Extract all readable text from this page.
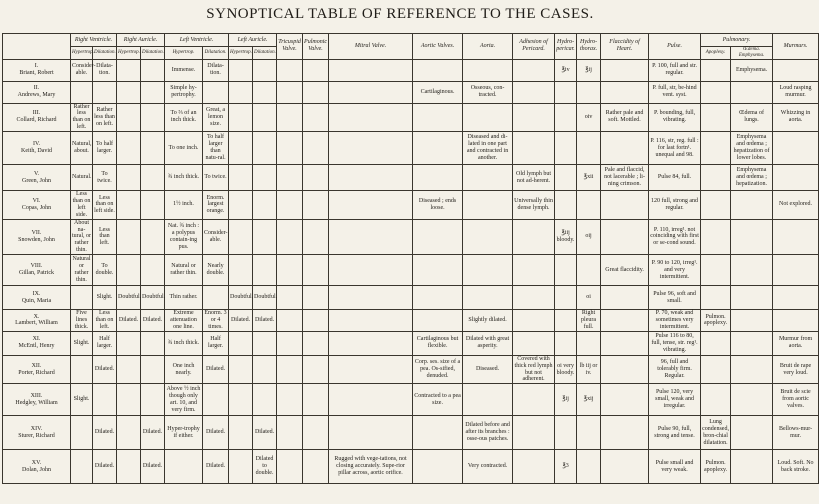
SYNOPTICAL TABLE OF REFERENCE TO THE CASES.
	Right Ventricle.		Right Auricle.		Left Ventricle.		Left Auricle.		Tricuspid Valve.	Pulmonic Valve.	Mitral Valve.	Aortic Valves.	Aorta.	Adhesion of Pericard.	Hydro-pericar.	Hydro-thorax.	Flaccidity of Heart.	Pulse.	Pulmonary.		Murmurs.
	Hypertrop.	Dilatation.	Hypertrop.	Dilatation.	Hypertrop.	Dilatation.	Hypertrop.	Dilatation.											Apoplexy.	Œdema. Emphysema.	

I.
Briant, Robert	Consider-able.	Dilata-tion.			Immense.	Dilata-tion.									℥iv	℥ij		P. 100, full and str. regular.		Emphysema.	

II.
Andrews, Mary					Simple hy-pertrophy.							Cartilaginous.	Osseous, con-tracted.					P. full, str, be-hind vent. syst.			Loud rasping murmur.

III.
Collard, Richard	Rather less than on left.	Rather less than on left.			To ⅔ of an inch thick.	Great, a lemon size.										oiv	Rather pale and soft. Mottled.	P. bounding, full, vibrating.		Œdema of lungs.	Whizzing in aorta.

IV.
Keith, David	Natural, about.	To half larger.			To one inch.	To half larger than natu-ral.							Diseased and di-lated in one part and contracted in another.					P. 116, str, reg. full : for last fortn¹. unequal and 98.		Emphysema and œdema ; hepatization of lower lobes.	

V.
Green, John	Natural.	To twice.			¾ inch thick.	To twice.								Old lymph but not ad-herent.		℥xii	Pale and flaccid, not lacerable ; li-ning crimson.	Pulse 84, full.		Emphysema and œdema ; hepatization.	

VI.
Copas, John	Less than on left side.	Less than on left side.			1½ inch.	Enorm. largest orange.						Diseased ; ends loose.		Universally thin dense lymph.				120 full, strong and regular.			Not explored.

VII.
Snowden, John	About na-tural, or rather thin.	Less than left.			Nat. ¾ inch : a polypus contain-ing pus.	Consider-able.									℥iij bloody.	oij		P. 110, irreg¹. not coinciding with first or se-cond sound.			

VIII.
Gillan, Patrick	Natural or rather thin.	To double.			Natural or rather thin.	Nearly double.											Great flaccidity.	P. 90 to 120, irreg¹. and very intermittent.			

IX.
Quin, Maria		Slight.	Doubtful.	Doubtful.	Thin rather.		Doubtful.	Doubtful.								oi		Pulse 96, soft and small.			

X.
Lambert, William	Five lines thick.	Less than on left.	Dilated.	Dilated.	Extreme attenuation one line.	Enorm. 3 or 4 times.	Dilated.	Dilated.					Slightly dilated.			Right pleura full.		P. 70, weak and sometimes very intermittent.	Pulmon. apoplexy.		

XI.
McEntl, Henry	Slight.	Half larger.			¾ inch thick.	Half larger.						Cartilaginous but flexible.	Dilated with great asperity.					Pulse 116 to 80, full, tense, str. reg¹. vibrating.			Murmur from aorta.

XII.
Porter, Richard		Dilated.			One inch nearly.	Dilated.						Corp. ses. size of a pea. Os-sified, denuded.	Diseased.	Covered with thick red lymph but not adherent.	oi very bloody.	lb iij or iv.		96, full and tolerably firm. Regular.			Bruit de rape very loud.

XIII.
Hedgley, William	Slight.				Above ½ inch though only art. 10, and very firm.							Contracted to a pea size.			℥ij	℥xij		Pulse 120, very small, weak and irregular.			Bruit de scie from aortic valves.

XIV.
Sturer, Richard		Dilated.		Dilated.	Hyper-trophy if either.	Dilated.		Dilated.					Dilated before and after its branches : osse-ous patches.					Pulse 90, full, strong and tense.	Lung condensed, bron-chial dilatation.		Bellows-mur-mur.

XV.
Dolan, John		Dilated.		Dilated.		Dilated.		Dilated to double.			Rugged with vege-tations, not closing accurately. Supe-rior pillar across, aortic orifice.		Very contracted.		℥3			Pulse small and very weak.	Pulmon. apoplexy.		Loud. Soft. No back stroke.
